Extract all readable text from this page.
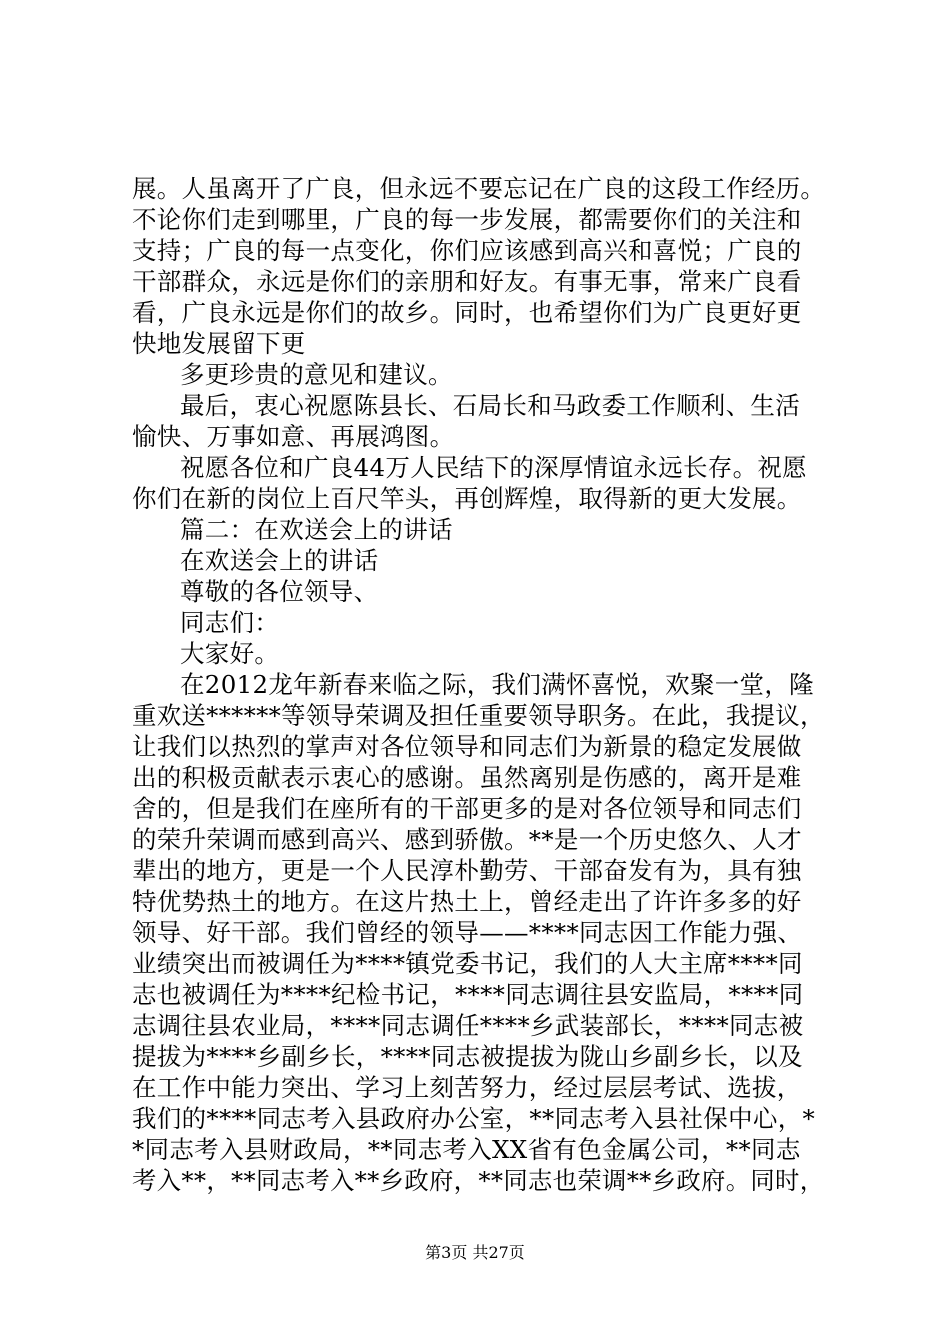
展。人虽离开了广良，但永远不要忘记在广良的这段工作经历。
不论你们走到哪里，广良的每一步发展，都需要你们的关注和
支持；广良的每一点变化，你们应该感到高兴和喜悦；广良的
干部群众，永远是你们的亲朋和好友。有事无事，常来广良看
看，广良永远是你们的故乡。同时，也希望你们为广良更好更
快地发展留下更
多更珍贵的意见和建议。
最后，衷心祝愿陈县长、石局长和马政委工作顺利、生活
愉快、万事如意、再展鸿图。
祝愿各位和广良44万人民结下的深厚情谊永远长存。祝愿
你们在新的岗位上百尺竿头，再创辉煌，取得新的更大发展。
篇二：在欢送会上的讲话
在欢送会上的讲话
尊敬的各位领导、
同志们：
大家好。
在2012龙年新春来临之际，我们满怀喜悦，欢聚一堂，隆
重欢送******等领导荣调及担任重要领导职务。在此，我提议，
让我们以热烈的掌声对各位领导和同志们为新景的稳定发展做
出的积极贡献表示衷心的感谢。虽然离别是伤感的，离开是难
舍的，但是我们在座所有的干部更多的是对各位领导和同志们
的荣升荣调而感到高兴、感到骄傲。**是一个历史悠久、人才
辈出的地方，更是一个人民淳朴勤劳、干部奋发有为，具有独
特优势热土的地方。在这片热土上，曾经走出了许许多多的好
领导、好干部。我们曾经的领导——****同志因工作能力强、
业绩突出而被调任为****镇党委书记，我们的人大主席****同
志也被调任为****纪检书记，****同志调往县安监局，****同
志调往县农业局，****同志调任****乡武装部长，****同志被
提拔为****乡副乡长，****同志被提拔为陇山乡副乡长，以及
在工作中能力突出、学习上刻苦努力，经过层层考试、选拔，
我们的****同志考入县政府办公室，**同志考入县社保中心，*
*同志考入县财政局，**同志考入XX省有色金属公司，**同志
考入**，**同志考入**乡政府，**同志也荣调**乡政府。同时，
第3页 共27页
